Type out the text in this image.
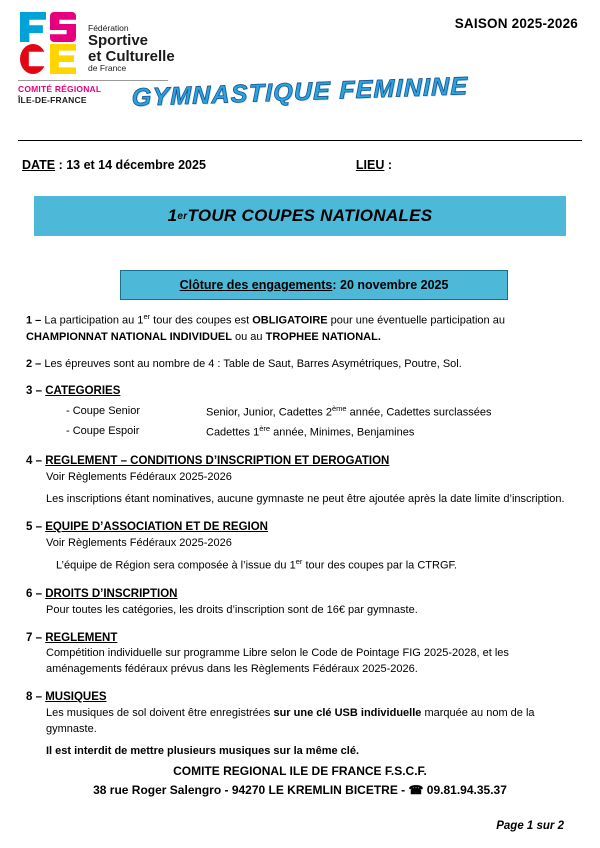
Fédération
Sportive
et Culturelle
de France
COMITÉ RÉGIONAL
ÎLE-DE-FRANCE
SAISON 2025-2026
GYMNASTIQUE FEMININE
DATE : 13 et 14 décembre 2025	LIEU :
1 er TOUR COUPES NATIONALES
Clôture des engagements : 20 novembre 2025
1 – La participation au 1er tour des coupes est OBLIGATOIRE pour une éventuelle participation au CHAMPIONNAT NATIONAL INDIVIDUEL ou au TROPHEE NATIONAL.
2 – Les épreuves sont au nombre de 4 : Table de Saut, Barres Asymétriques, Poutre, Sol.
3 – CATEGORIES
- Coupe Senior	Senior, Junior, Cadettes 2ème année, Cadettes surclassées
- Coupe Espoir	Cadettes 1ère année, Minimes, Benjamines
4 – REGLEMENT – CONDITIONS D’INSCRIPTION ET DEROGATION
Voir Règlements Fédéraux 2025-2026
Les inscriptions étant nominatives, aucune gymnaste ne peut être ajoutée après la date limite d’inscription.
5 – EQUIPE D’ASSOCIATION ET DE REGION
Voir Règlements Fédéraux 2025-2026
L’équipe de Région sera composée à l’issue du 1er tour des coupes par la CTRGF.
6 – DROITS D’INSCRIPTION
Pour toutes les catégories, les droits d’inscription sont de 16€ par gymnaste.
7 – REGLEMENT
Compétition individuelle sur programme Libre selon le Code de Pointage FIG 2025-2028, et les aménagements fédéraux prévus dans les Règlements Fédéraux 2025-2026.
8 – MUSIQUES
Les musiques de sol doivent être enregistrées sur une clé USB individuelle marquée au nom de la gymnaste.
Il est interdit de mettre plusieurs musiques sur la même clé.
COMITE REGIONAL ILE DE FRANCE F.S.C.F.
38 rue Roger Salengro - 94270 LE KREMLIN BICETRE - ☎ 09.81.94.35.37
Page 1 sur 2
